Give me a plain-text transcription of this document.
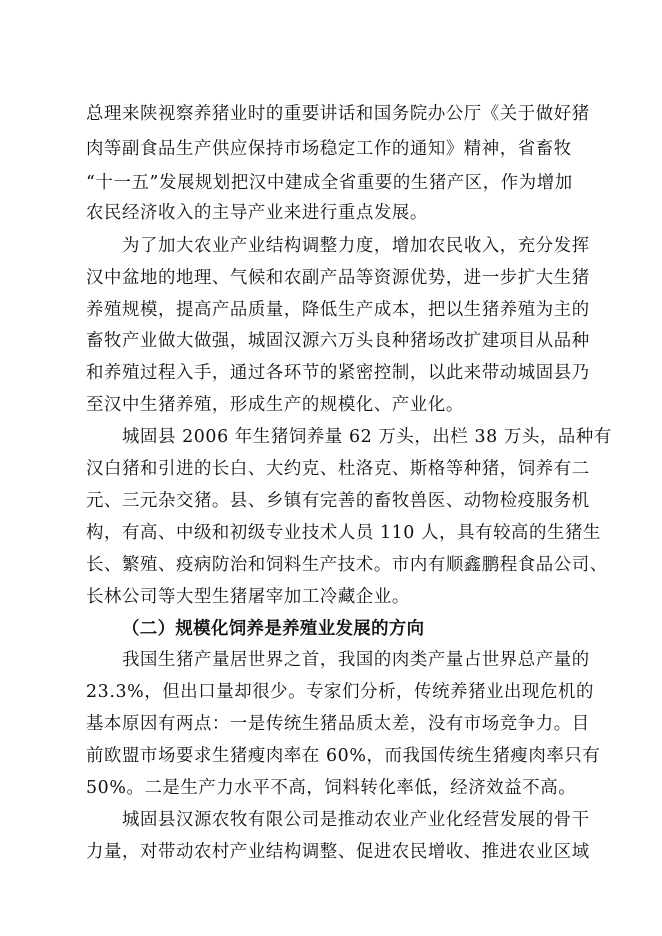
总理来陕视察养猪业时的重要讲话和国务院办公厅《关于做好猪
肉等副食品生产供应保持市场稳定工作的通知》精神，省畜牧
“十一五”发展规划把汉中建成全省重要的生猪产区，作为增加
农民经济收入的主导产业来进行重点发展。
为了加大农业产业结构调整力度，增加农民收入，充分发挥
汉中盆地的地理、气候和农副产品等资源优势，进一步扩大生猪
养殖规模，提高产品质量，降低生产成本，把以生猪养殖为主的
畜牧产业做大做强，城固汉源六万头良种猪场改扩建项目从品种
和养殖过程入手，通过各环节的紧密控制，以此来带动城固县乃
至汉中生猪养殖，形成生产的规模化、产业化。
城固县 2006 年生猪饲养量 62 万头，出栏 38 万头，品种有
汉白猪和引进的长白、大约克、杜洛克、斯格等种猪，饲养有二
元、三元杂交猪。县、乡镇有完善的畜牧兽医、动物检疫服务机
构，有高、中级和初级专业技术人员 110 人，具有较高的生猪生
长、繁殖、疫病防治和饲料生产技术。市内有顺鑫鹏程食品公司、
长林公司等大型生猪屠宰加工冷藏企业。
（二）规模化饲养是养殖业发展的方向
我国生猪产量居世界之首，我国的肉类产量占世界总产量的
23.3%，但出口量却很少。专家们分析，传统养猪业出现危机的
基本原因有两点：一是传统生猪品质太差，没有市场竞争力。目
前欧盟市场要求生猪瘦肉率在 60%，而我国传统生猪瘦肉率只有
50%。二是生产力水平不高，饲料转化率低，经济效益不高。
城固县汉源农牧有限公司是推动农业产业化经营发展的骨干
力量，对带动农村产业结构调整、促进农民增收、推进农业区域
